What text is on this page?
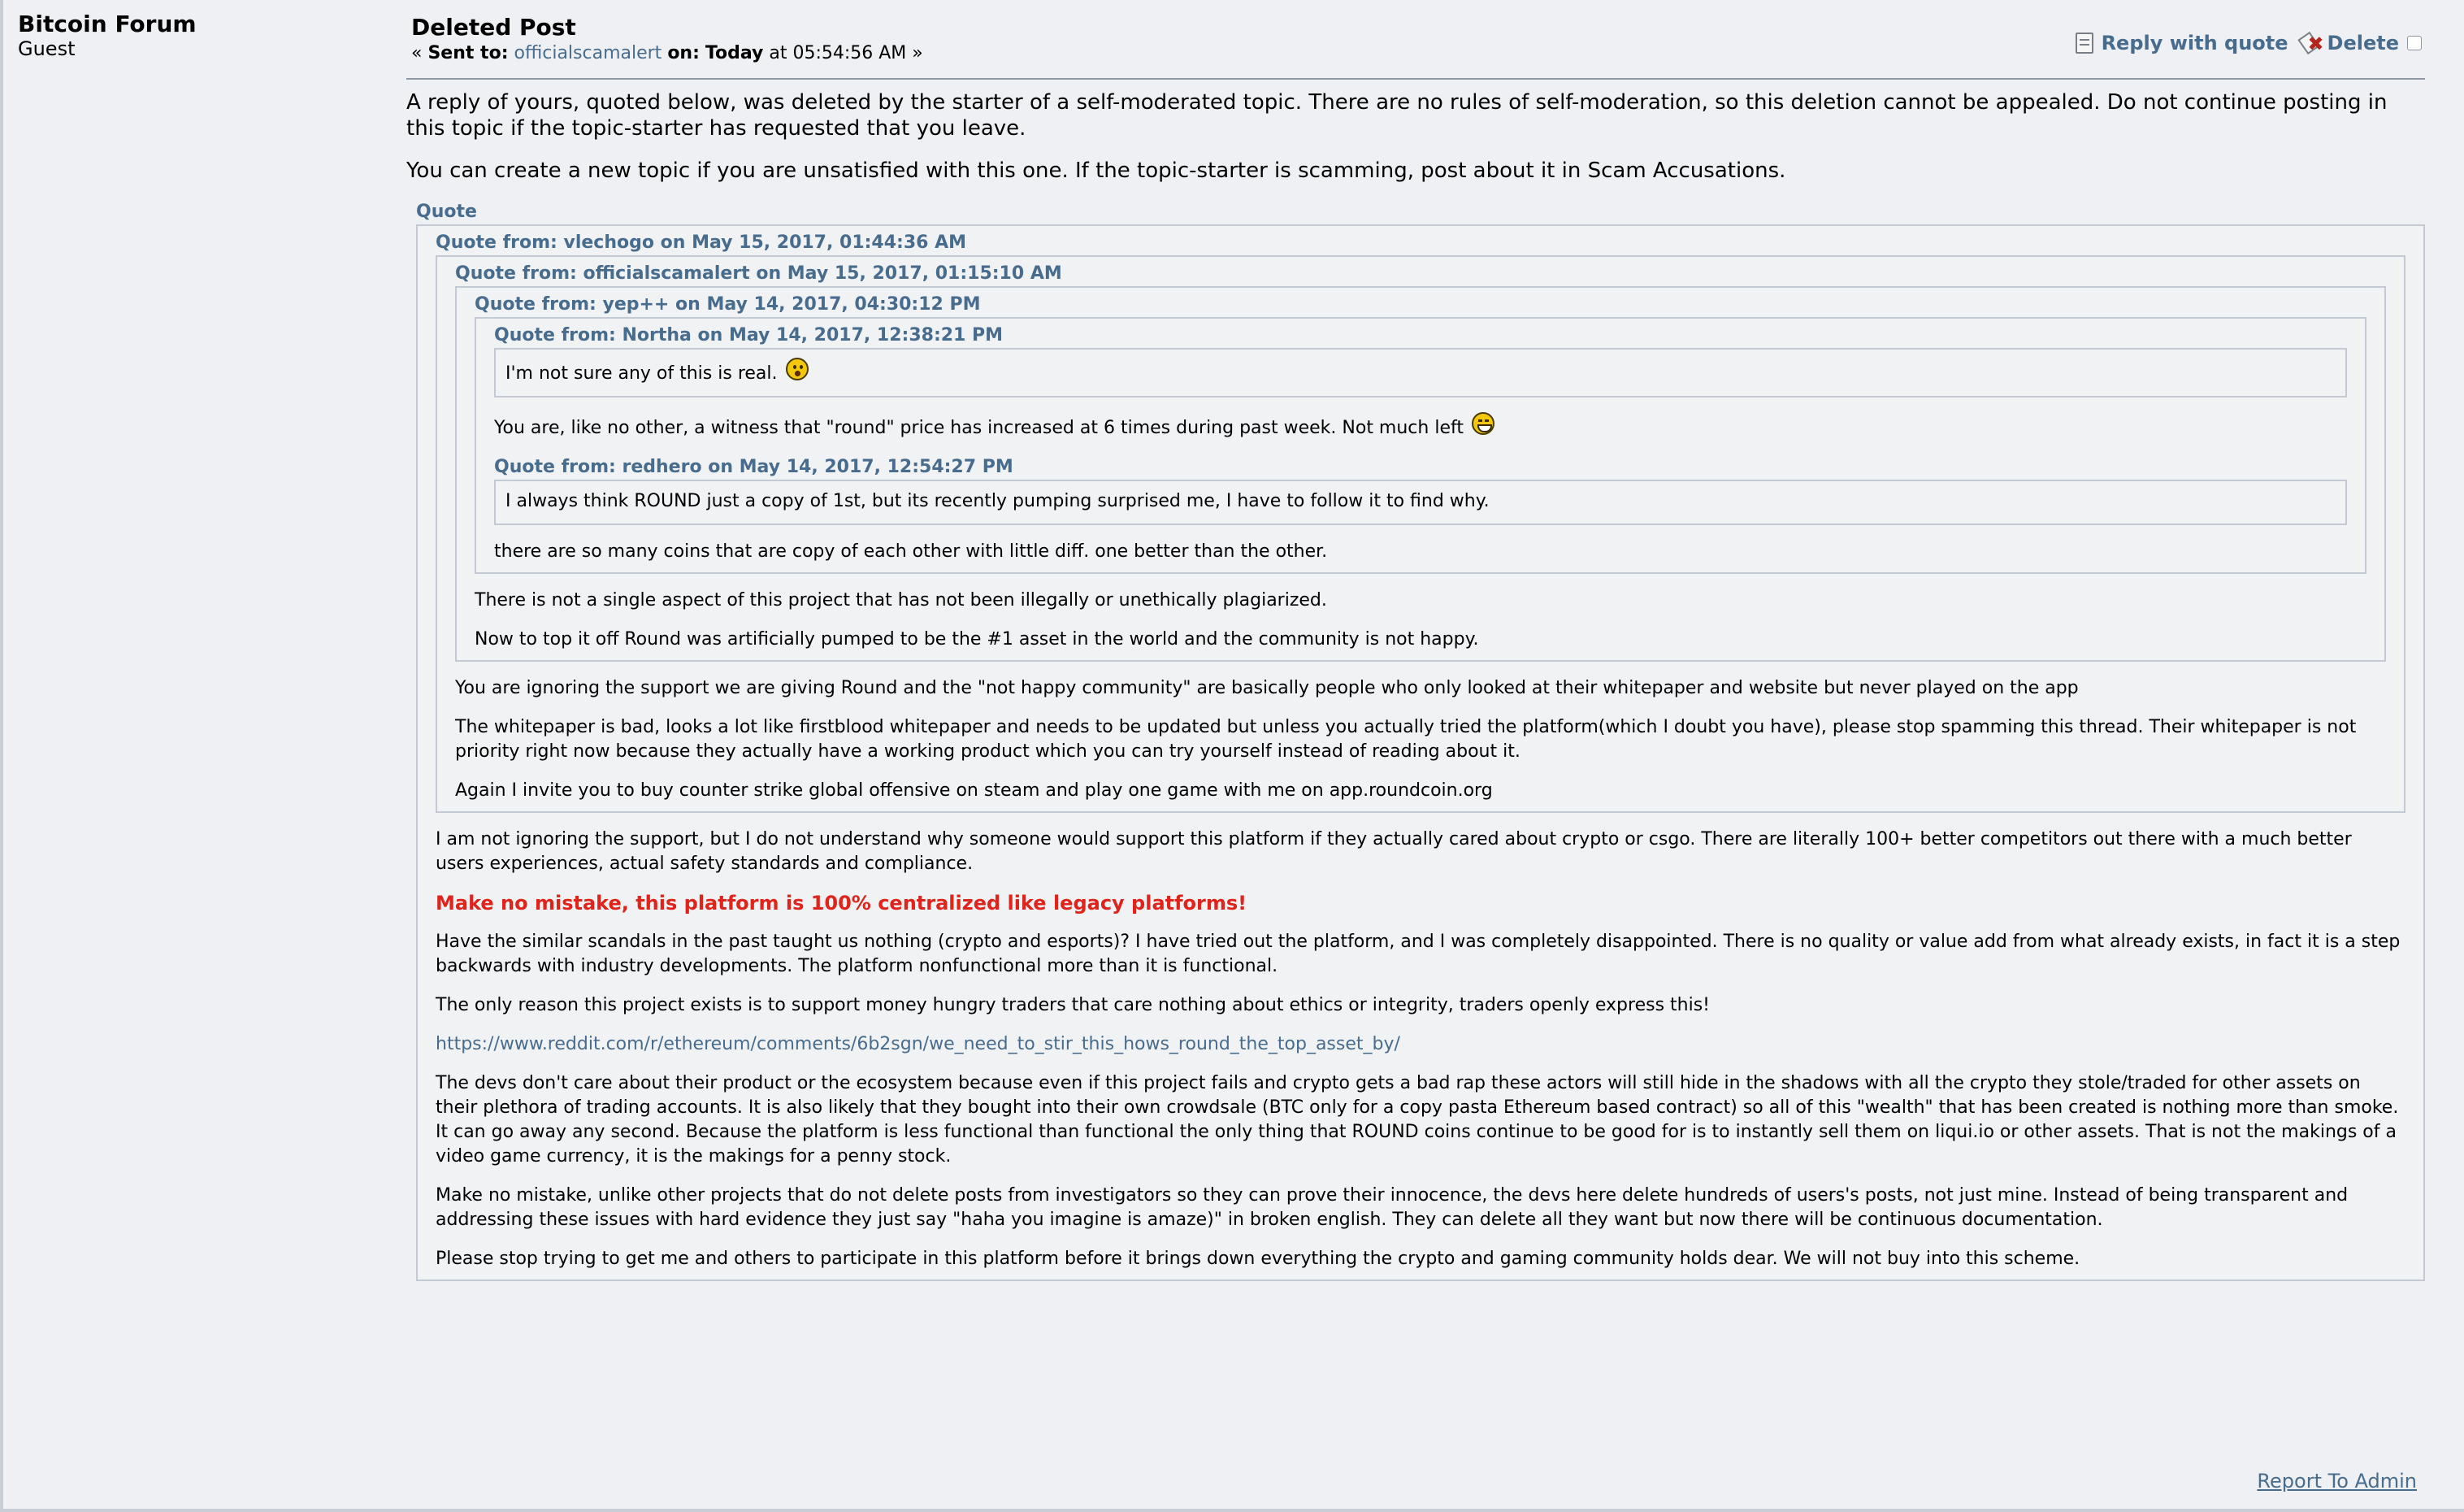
Bitcoin Forum
Guest
Deleted Post
« Sent to: officialscamalert on: Today at 05:54:56 AM »	Reply with quote
✖ Delete

A reply of yours, quoted below, was deleted by the starter of a self-moderated topic. There are no rules of self-moderation, so this deletion cannot be appealed. Do not continue posting in this topic if the topic-starter has requested that you leave.

You can create a new topic if you are unsatisfied with this one. If the topic-starter is scamming, post about it in Scam Accusations.

Quote
Quote from: vlechogo on May 15, 2017, 01:44:36 AM
Quote from: officialscamalert on May 15, 2017, 01:15:10 AM
Quote from: yep++ on May 14, 2017, 04:30:12 PM
Quote from: Northa on May 14, 2017, 12:38:21 PM

I'm not sure any of this is real.

You are, like no other, a witness that "round" price has increased at 6 times during past week. Not much left

Quote from: redhero on May 14, 2017, 12:54:27 PM

I always think ROUND just a copy of 1st, but its recently pumping surprised me, I have to follow it to find why.

there are so many coins that are copy of each other with little diff. one better than the other.

There is not a single aspect of this project that has not been illegally or unethically plagiarized.

Now to top it off Round was artificially pumped to be the #1 asset in the world and the community is not happy.

You are ignoring the support we are giving Round and the "not happy community" are basically people who only looked at their whitepaper and website but never played on the app

The whitepaper is bad, looks a lot like firstblood whitepaper and needs to be updated but unless you actually tried the platform(which I doubt you have), please stop spamming this thread. Their whitepaper is not priority right now because they actually have a working product which you can try yourself instead of reading about it.

Again I invite you to buy counter strike global offensive on steam and play one game with me on app.roundcoin.org

I am not ignoring the support, but I do not understand why someone would support this platform if they actually cared about crypto or csgo. There are literally 100+ better competitors out there with a much better users experiences, actual safety standards and compliance.

Make no mistake, this platform is 100% centralized like legacy platforms!

Have the similar scandals in the past taught us nothing (crypto and esports)? I have tried out the platform, and I was completely disappointed. There is no quality or value add from what already exists, in fact it is a step backwards with industry developments. The platform nonfunctional more than it is functional.

The only reason this project exists is to support money hungry traders that care nothing about ethics or integrity, traders openly express this!

https://www.reddit.com/r/ethereum/comments/6b2sgn/we_need_to_stir_this_hows_round_the_top_asset_by/

The devs don't care about their product or the ecosystem because even if this project fails and crypto gets a bad rap these actors will still hide in the shadows with all the crypto they stole/traded for other assets on their plethora of trading accounts. It is also likely that they bought into their own crowdsale (BTC only for a copy pasta Ethereum based contract) so all of this "wealth" that has been created is nothing more than smoke. It can go away any second. Because the platform is less functional than functional the only thing that ROUND coins continue to be good for is to instantly sell them on liqui.io or other assets. That is not the makings of a video game currency, it is the makings for a penny stock.

Make no mistake, unlike other projects that do not delete posts from investigators so they can prove their innocence, the devs here delete hundreds of users's posts, not just mine. Instead of being transparent and addressing these issues with hard evidence they just say "haha you imagine is amaze)" in broken english. They can delete all they want but now there will be continuous documentation.

Please stop trying to get me and others to participate in this platform before it brings down everything the crypto and gaming community holds dear. We will not buy into this scheme.

Report To Admin
